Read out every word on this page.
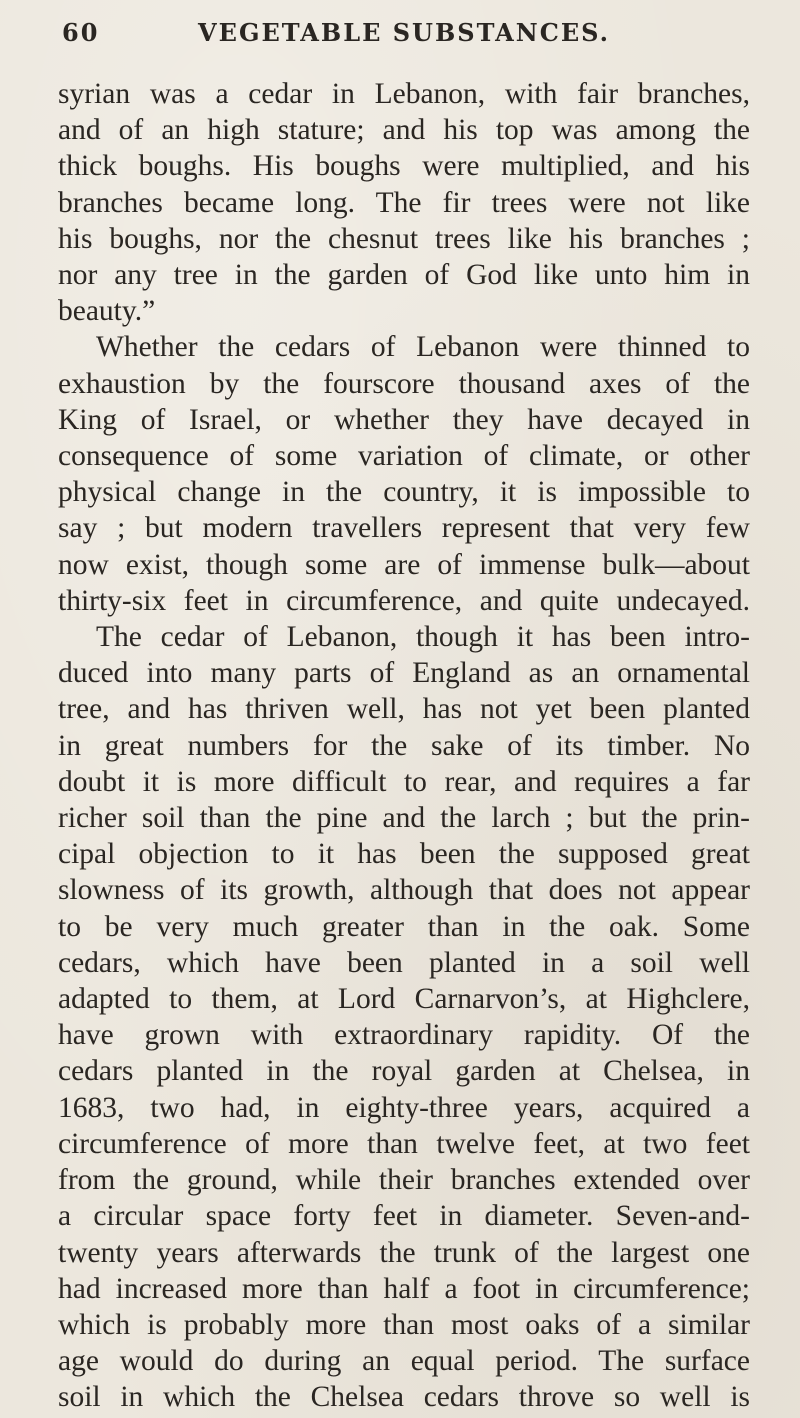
60	VEGETABLE SUBSTANCES.
syrian was a cedar in Lebanon, with fair branches,
and of an high stature; and his top was among the
thick boughs. His boughs were multiplied, and his
branches became long. The fir trees were not like
his boughs, nor the chesnut trees like his branches ;
nor any tree in the garden of God like unto him in
beauty.”
Whether the cedars of Lebanon were thinned to
exhaustion by the fourscore thousand axes of the
King of Israel, or whether they have decayed in
consequence of some variation of climate, or other
physical change in the country, it is impossible to
say ; but modern travellers represent that very few
now exist, though some are of immense bulk—about
thirty-six feet in circumference, and quite undecayed.
The cedar of Lebanon, though it has been intro-
duced into many parts of England as an ornamental
tree, and has thriven well, has not yet been planted
in great numbers for the sake of its timber. No
doubt it is more difficult to rear, and requires a far
richer soil than the pine and the larch ; but the prin-
cipal objection to it has been the supposed great
slowness of its growth, although that does not appear
to be very much greater than in the oak. Some
cedars, which have been planted in a soil well
adapted to them, at Lord Carnarvon’s, at Highclere,
have grown with extraordinary rapidity. Of the
cedars planted in the royal garden at Chelsea, in
1683, two had, in eighty-three years, acquired a
circumference of more than twelve feet, at two feet
from the ground, while their branches extended over
a circular space forty feet in diameter. Seven-and-
twenty years afterwards the trunk of the largest one
had increased more than half a foot in circumference;
which is probably more than most oaks of a similar
age would do during an equal period. The surface
soil in which the Chelsea cedars throve so well is
